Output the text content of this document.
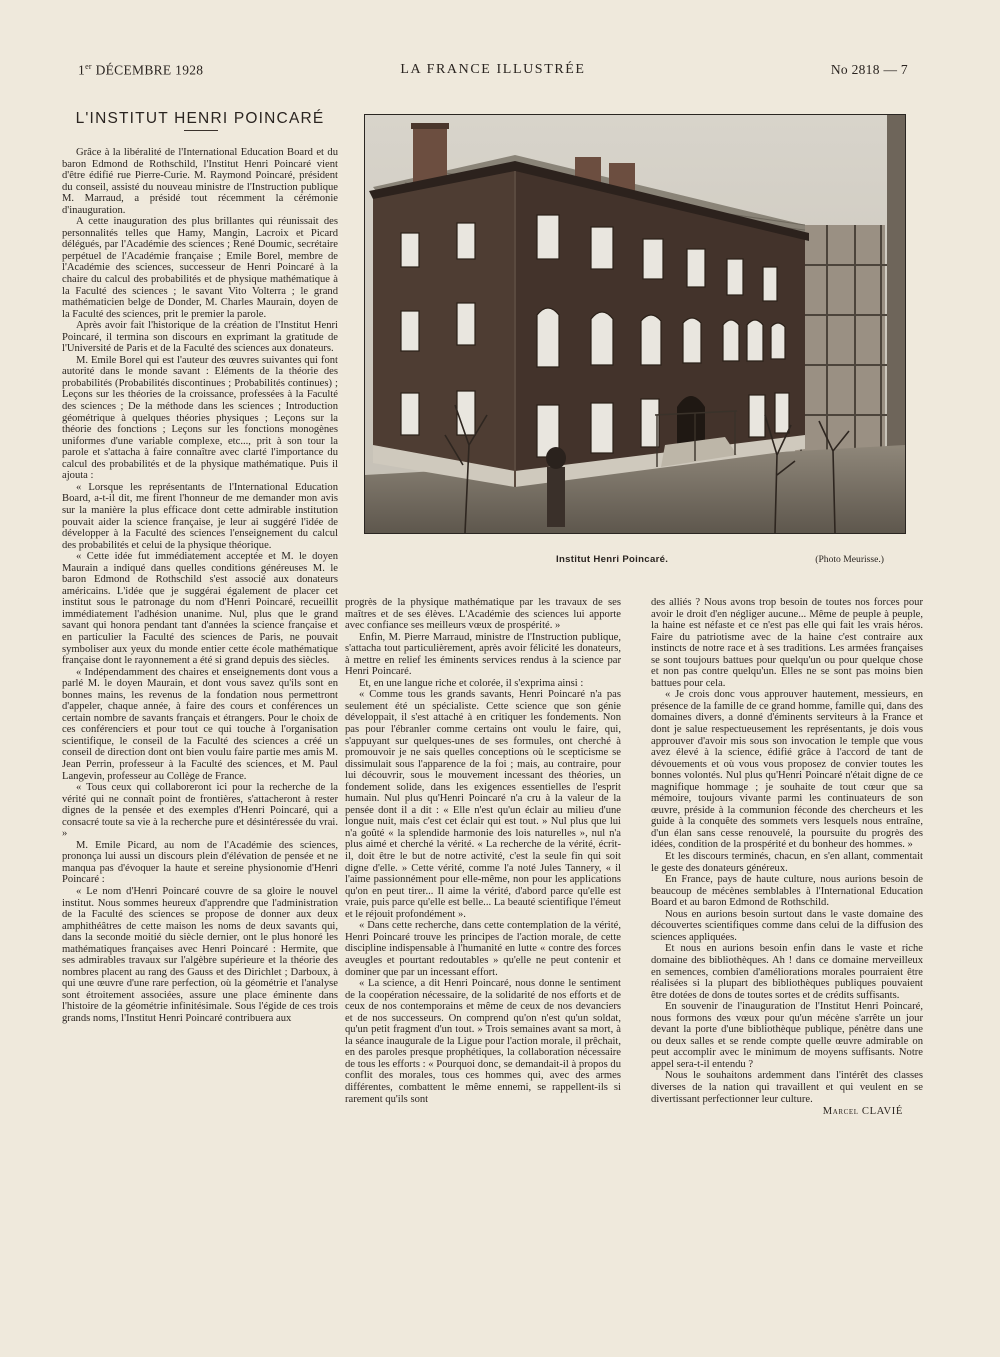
1er DÉCEMBRE 1928	LA FRANCE ILLUSTRÉE	No 2818 — 7
L'INSTITUT HENRI POINCARÉ

Grâce à la libéralité de l'International Education Board et du baron Edmond de Rothschild, l'Institut Henri Poincaré vient d'être édifié rue Pierre-Curie. M. Raymond Poincaré, président du conseil, assisté du nouveau ministre de l'Instruction publique M. Marraud, a présidé tout récemment la cérémonie d'inauguration.

A cette inauguration des plus brillantes qui réunissait des personnalités telles que Hamy, Mangin, Lacroix et Picard délégués, par l'Académie des sciences ; René Doumic, secrétaire perpétuel de l'Académie française ; Emile Borel, membre de l'Académie des sciences, successeur de Henri Poincaré à la chaire du calcul des probabilités et de physique mathématique à la Faculté des sciences ; le savant Vito Volterra ; le grand mathématicien belge de Donder, M. Charles Maurain, doyen de la Faculté des sciences, prit le premier la parole.

Après avoir fait l'historique de la création de l'Institut Henri Poincaré, il termina son discours en exprimant la gratitude de l'Université de Paris et de la Faculté des sciences aux donateurs.

M. Emile Borel qui est l'auteur des œuvres suivantes qui font autorité dans le monde savant : Eléments de la théorie des probabilités (Probabilités discontinues ; Probabilités continues) ; Leçons sur les théories de la croissance, professées à la Faculté des sciences ; De la méthode dans les sciences ; Introduction géométrique à quelques théories physiques ; Leçons sur la théorie des fonctions ; Leçons sur les fonctions monogènes uniformes d'une variable complexe, etc..., prit à son tour la parole et s'attacha à faire connaître avec clarté l'importance du calcul des probabilités et de la physique mathématique. Puis il ajouta :

« Lorsque les représentants de l'International Education Board, a-t-il dit, me firent l'honneur de me demander mon avis sur la manière la plus efficace dont cette admirable institution pouvait aider la science française, je leur ai suggéré l'idée de développer à la Faculté des sciences l'enseignement du calcul des probabilités et celui de la physique théorique.

« Cette idée fut immédiatement acceptée et M. le doyen Maurain a indiqué dans quelles conditions généreuses M. le baron Edmond de Rothschild s'est associé aux donateurs américains. L'idée que je suggérai également de placer cet institut sous le patronage du nom d'Henri Poincaré, recueillit immédiatement l'adhésion unanime. Nul, plus que le grand savant qui honora pendant tant d'années la science française et en particulier la Faculté des sciences de Paris, ne pouvait symboliser aux yeux du monde entier cette école mathématique française dont le rayonnement a été si grand depuis des siècles.

« Indépendamment des chaires et enseignements dont vous a parlé M. le doyen Maurain, et dont vous savez qu'ils sont en bonnes mains, les revenus de la fondation nous permettront d'appeler, chaque année, à faire des cours et conférences un certain nombre de savants français et étrangers. Pour le choix de ces conférenciers et pour tout ce qui touche à l'organisation scientifique, le conseil de la Faculté des sciences a créé un conseil de direction dont ont bien voulu faire partie mes amis M. Jean Perrin, professeur à la Faculté des sciences, et M. Paul Langevin, professeur au Collège de France.

« Tous ceux qui collaboreront ici pour la recherche de la vérité qui ne connaît point de frontières, s'attacheront à rester dignes de la pensée et des exemples d'Henri Poincaré, qui a consacré toute sa vie à la recherche pure et désintéressée du vrai. »

M. Emile Picard, au nom de l'Académie des sciences, prononça lui aussi un discours plein d'élévation de pensée et ne manqua pas d'évoquer la haute et sereine physionomie d'Henri Poincaré :

« Le nom d'Henri Poincaré couvre de sa gloire le nouvel institut. Nous sommes heureux d'apprendre que l'administration de la Faculté des sciences se propose de donner aux deux amphithéâtres de cette maison les noms de deux savants qui, dans la seconde moitié du siècle dernier, ont le plus honoré les mathématiques françaises avec Henri Poincaré : Hermite, que ses admirables travaux sur l'algèbre supérieure et la théorie des nombres placent au rang des Gauss et des Dirichlet ; Darboux, à qui une œuvre d'une rare perfection, où la géométrie et l'analyse sont étroitement associées, assure une place éminente dans l'histoire de la géométrie infinitésimale. Sous l'égide de ces trois grands noms, l'Institut Henri Poincaré contribuera aux

Institut Henri Poincaré.	(Photo Meurisse.)

progrès de la physique mathématique par les travaux de ses maîtres et de ses élèves. L'Académie des sciences lui apporte avec confiance ses meilleurs vœux de prospérité. »

Enfin, M. Pierre Marraud, ministre de l'Instruction publique, s'attacha tout particulièrement, après avoir félicité les donateurs, à mettre en relief les éminents services rendus à la science par Henri Poincaré.

Et, en une langue riche et colorée, il s'exprima ainsi :

« Comme tous les grands savants, Henri Poincaré n'a pas seulement été un spécialiste. Cette science que son génie développait, il s'est attaché à en critiquer les fondements. Non pas pour l'ébranler comme certains ont voulu le faire, qui, s'appuyant sur quelques-unes de ses formules, ont cherché à promouvoir je ne sais quelles conceptions où le scepticisme se dissimulait sous l'apparence de la foi ; mais, au contraire, pour lui découvrir, sous le mouvement incessant des théories, un fondement solide, dans les exigences essentielles de l'esprit humain. Nul plus qu'Henri Poincaré n'a cru à la valeur de la pensée dont il a dit : « Elle n'est qu'un éclair au milieu d'une longue nuit, mais c'est cet éclair qui est tout. » Nul plus que lui n'a goûté « la splendide harmonie des lois naturelles », nul n'a plus aimé et cherché la vérité. « La recherche de la vérité, écrit-il, doit être le but de notre activité, c'est la seule fin qui soit digne d'elle. » Cette vérité, comme l'a noté Jules Tannery, « il l'aime passionnément pour elle-même, non pour les applications qu'on en peut tirer... Il aime la vérité, d'abord parce qu'elle est vraie, puis parce qu'elle est belle... La beauté scientifique l'émeut et le réjouit profondément ».

« Dans cette recherche, dans cette contemplation de la vérité, Henri Poincaré trouve les principes de l'action morale, de cette discipline indispensable à l'humanité en lutte « contre des forces aveugles et pourtant redoutables » qu'elle ne peut contenir et dominer que par un incessant effort.

« La science, a dit Henri Poincaré, nous donne le sentiment de la coopération nécessaire, de la solidarité de nos efforts et de ceux de nos contemporains et même de ceux de nos devanciers et de nos successeurs. On comprend qu'on n'est qu'un soldat, qu'un petit fragment d'un tout. » Trois semaines avant sa mort, à la séance inaugurale de la Ligue pour l'action morale, il prêchait, en des paroles presque prophétiques, la collaboration nécessaire de tous les efforts : « Pourquoi donc, se demandait-il à propos du conflit des morales, tous ces hommes qui, avec des armes différentes, combattent le même ennemi, se rappellent-ils si rarement qu'ils sont

des alliés ? Nous avons trop besoin de toutes nos forces pour avoir le droit d'en négliger aucune... Même de peuple à peuple, la haine est néfaste et ce n'est pas elle qui fait les vrais héros. Faire du patriotisme avec de la haine c'est contraire aux instincts de notre race et à ses traditions. Les armées françaises se sont toujours battues pour quelqu'un ou pour quelque chose et non pas contre quelqu'un. Elles ne se sont pas moins bien battues pour cela.

« Je crois donc vous approuver hautement, messieurs, en présence de la famille de ce grand homme, famille qui, dans des domaines divers, a donné d'éminents serviteurs à la France et dont je salue respectueusement les représentants, je dois vous approuver d'avoir mis sous son invocation le temple que vous avez élevé à la science, édifié grâce à l'accord de tant de dévouements et où vous vous proposez de convier toutes les bonnes volontés. Nul plus qu'Henri Poincaré n'était digne de ce magnifique hommage ; je souhaite de tout cœur que sa mémoire, toujours vivante parmi les continuateurs de son œuvre, préside à la communion féconde des chercheurs et les guide à la conquête des sommets vers lesquels nous entraîne, d'un élan sans cesse renouvelé, la poursuite du progrès des idées, condition de la prospérité et du bonheur des hommes. »

Et les discours terminés, chacun, en s'en allant, commentait le geste des donateurs généreux.

En France, pays de haute culture, nous aurions besoin de beaucoup de mécènes semblables à l'International Education Board et au baron Edmond de Rothschild.

Nous en aurions besoin surtout dans le vaste domaine des découvertes scientifiques comme dans celui de la diffusion des sciences appliquées.

Et nous en aurions besoin enfin dans le vaste et riche domaine des bibliothèques. Ah ! dans ce domaine merveilleux en semences, combien d'améliorations morales pourraient être réalisées si la plupart des bibliothèques publiques pouvaient être dotées de dons de toutes sortes et de crédits suffisants.

En souvenir de l'inauguration de l'Institut Henri Poincaré, nous formons des vœux pour qu'un mécène s'arrête un jour devant la porte d'une bibliothèque publique, pénètre dans une ou deux salles et se rende compte quelle œuvre admirable on peut accomplir avec le minimum de moyens suffisants. Notre appel sera-t-il entendu ?

Nous le souhaitons ardemment dans l'intérêt des classes diverses de la nation qui travaillent et qui veulent en se divertissant perfectionner leur culture.

Marcel CLAVIÉ
